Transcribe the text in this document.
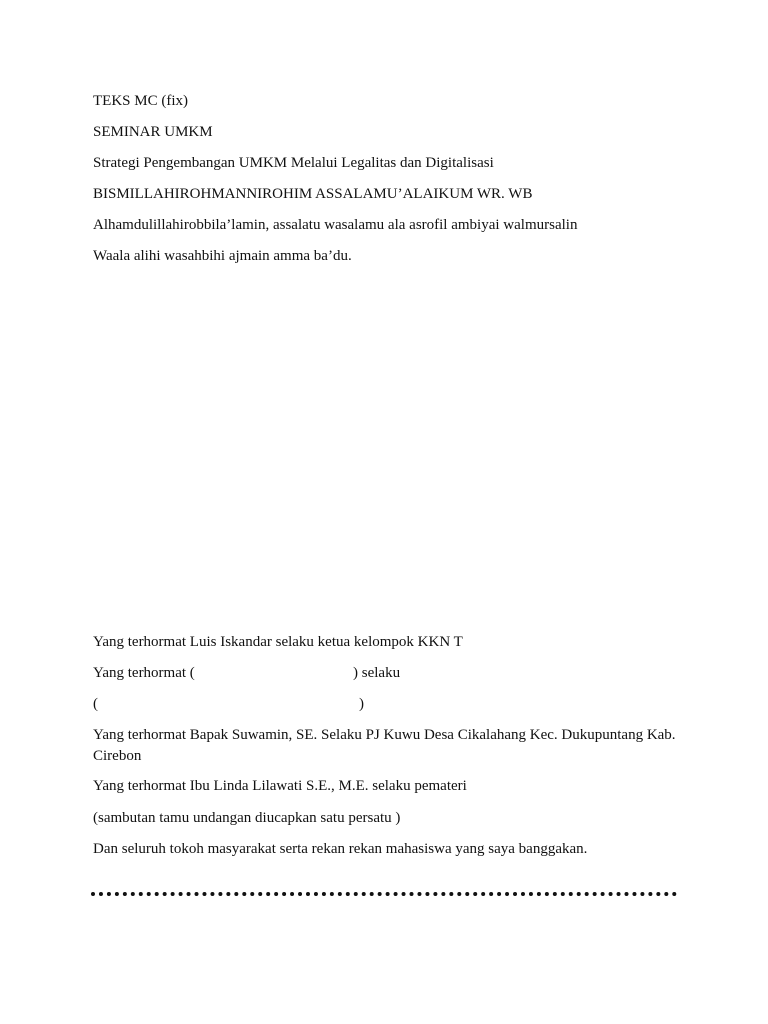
TEKS MC (fix)
SEMINAR UMKM
Strategi Pengembangan UMKM Melalui Legalitas dan Digitalisasi
BISMILLAHIROHMANNIROHIM ASSALAMU’ALAIKUM WR. WB
Alhamdulillahirobbila’lamin, assalatu wasalamu ala asrofil ambiyai walmursalin
Waala alihi wasahbihi ajmain amma ba’du.
Yang terhormat Luis Iskandar selaku ketua kelompok KKN T
Yang terhormat (	) selaku
(	)
Yang terhormat Bapak Suwamin, SE. Selaku PJ Kuwu Desa Cikalahang Kec. Dukupuntang Kab. Cirebon
Yang terhormat Ibu Linda Lilawati S.E., M.E. selaku pemateri
(sambutan tamu undangan diucapkan satu persatu )
Dan seluruh tokoh masyarakat serta rekan rekan mahasiswa yang saya banggakan.
